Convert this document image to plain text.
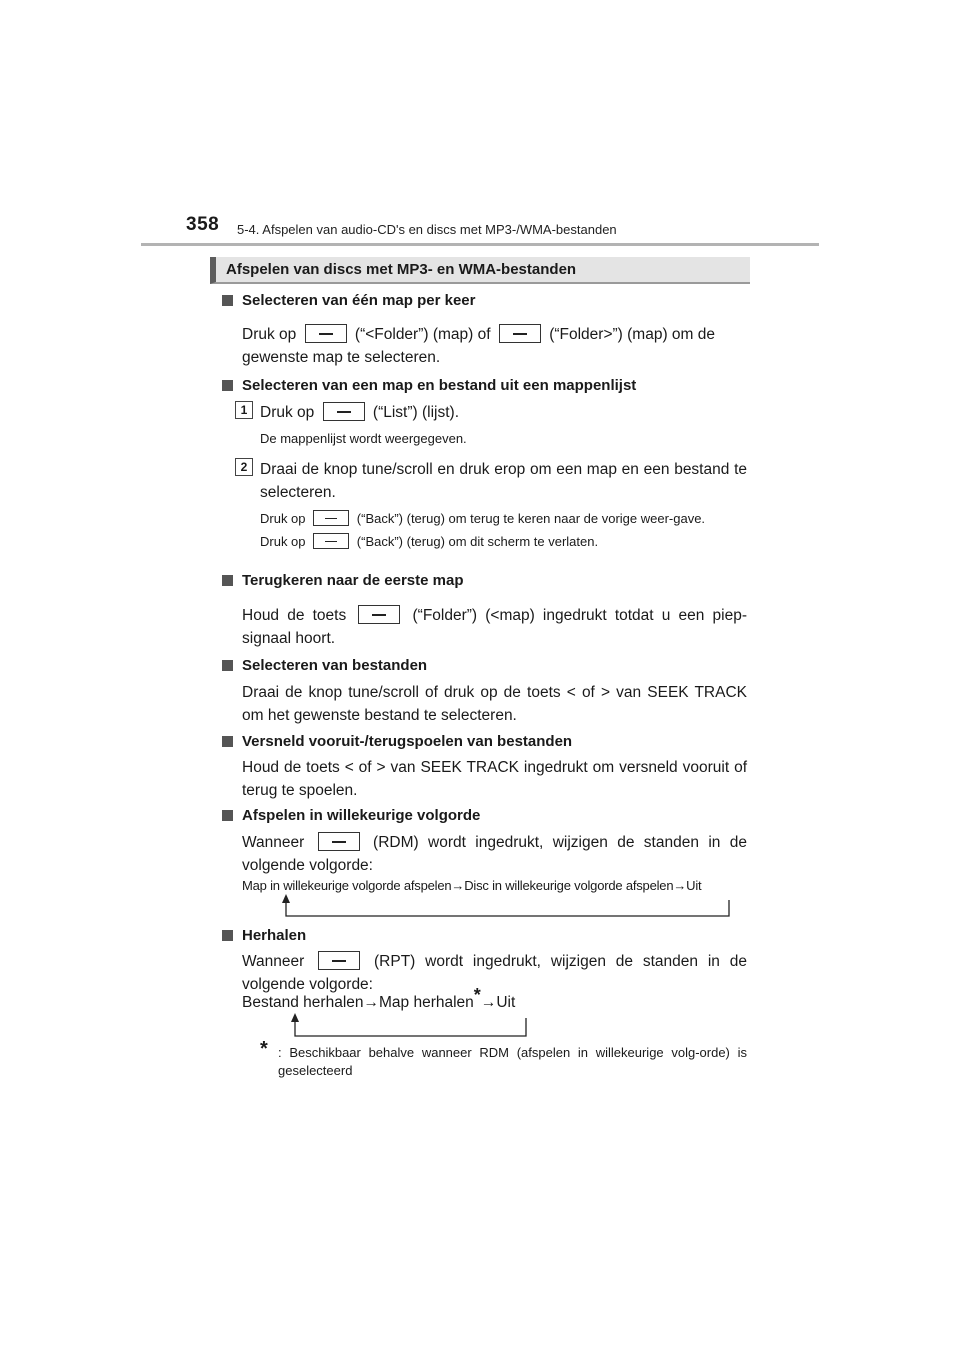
358 5-4. Afspelen van audio-CD's en discs met MP3-/WMA-bestanden
Afspelen van discs met MP3- en WMA-bestanden
Selecteren van één map per keer
Druk op	(“<Folder”) (map) of	(“Folder>”) (map) om de
gewenste map te selecteren.
Selecteren van een map en bestand uit een mappenlijst
1 Druk op	(“List”) (lijst).
De mappenlijst wordt weergegeven.
2 Draai de knop tune/scroll en druk erop om een map en een bestand te selecteren.
Druk op	(“Back”) (terug) om terug te keren naar de vorige weer-gave.
Druk op	(“Back”) (terug) om dit scherm te verlaten.
Terugkeren naar de eerste map
Houd de toets	(“Folder”) (<map) ingedrukt totdat u een piep-signaal hoort.
Selecteren van bestanden
Draai de knop tune/scroll of druk op de toets < of > van SEEK TRACK om het gewenste bestand te selecteren.
Versneld vooruit-/terugspoelen van bestanden
Houd de toets < of > van SEEK TRACK ingedrukt om versneld vooruit of terug te spoelen.
Afspelen in willekeurige volgorde
Wanneer	(RDM) wordt ingedrukt, wijzigen de standen in de volgende volgorde:
Map in willekeurige volgorde afspelen→Disc in willekeurige volgorde afspelen→Uit
Herhalen
Wanneer	(RPT) wordt ingedrukt, wijzigen de standen in de volgende volgorde:
Bestand herhalen→Map herhalen*→Uit
* : Beschikbaar behalve wanneer RDM (afspelen in willekeurige volg-orde) is geselecteerd
